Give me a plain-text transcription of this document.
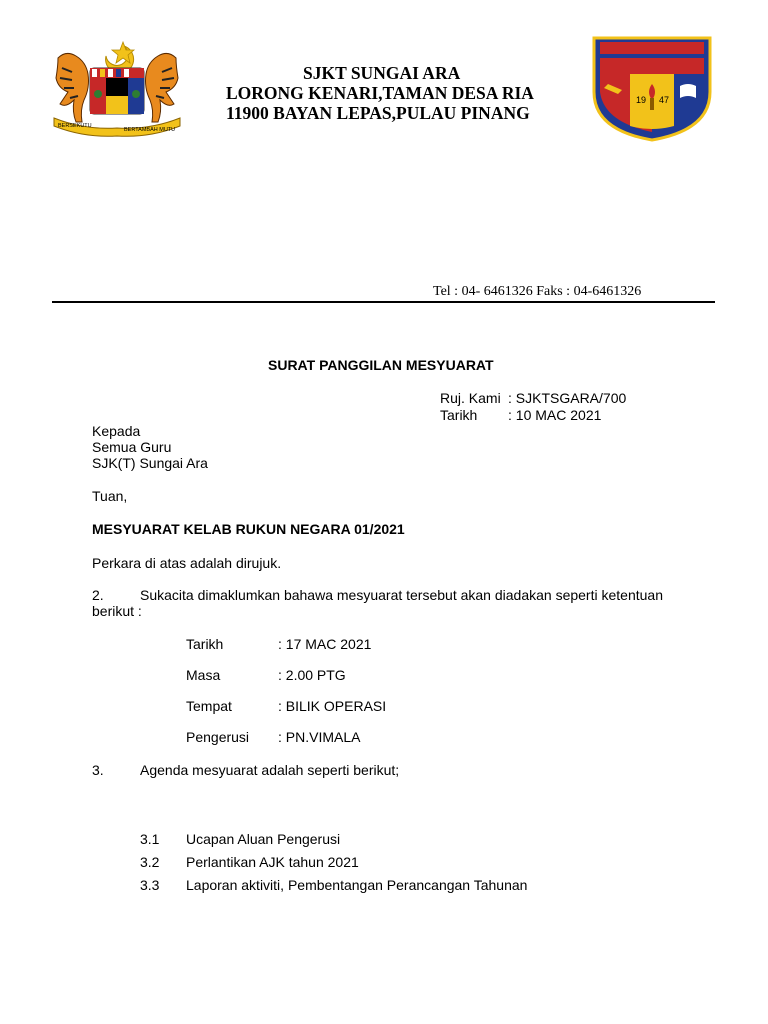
BERSEKUTU
BERTAMBAH MUTU
SJKT SUNGAI ARA
LORONG KENARI,TAMAN DESA RIA
11900 BAYAN LEPAS,PULAU PINANG
19 47
Tel : 04- 6461326 Faks : 04-6461326
SURAT PANGGILAN MESYUARAT
Ruj. Kami : SJKTSGARA/700
Tarikh : 10 MAC 2021
Kepada
Semua Guru
SJK(T) Sungai Ara
Tuan,
MESYUARAT KELAB RUKUN NEGARA 01/2021
Perkara di atas adalah dirujuk.
2.	Sukacita dimaklumkan bahawa mesyuarat tersebut akan diadakan seperti ketentuan
berikut :
Tarikh	: 17 MAC 2021
Masa	: 2.00 PTG
Tempat	: BILIK OPERASI
Pengerusi : PN.VIMALA
3.	Agenda mesyuarat adalah seperti berikut;
3.1 Ucapan Aluan Pengerusi
3.2 Perlantikan AJK tahun 2021
3.3 Laporan aktiviti, Pembentangan Perancangan Tahunan
